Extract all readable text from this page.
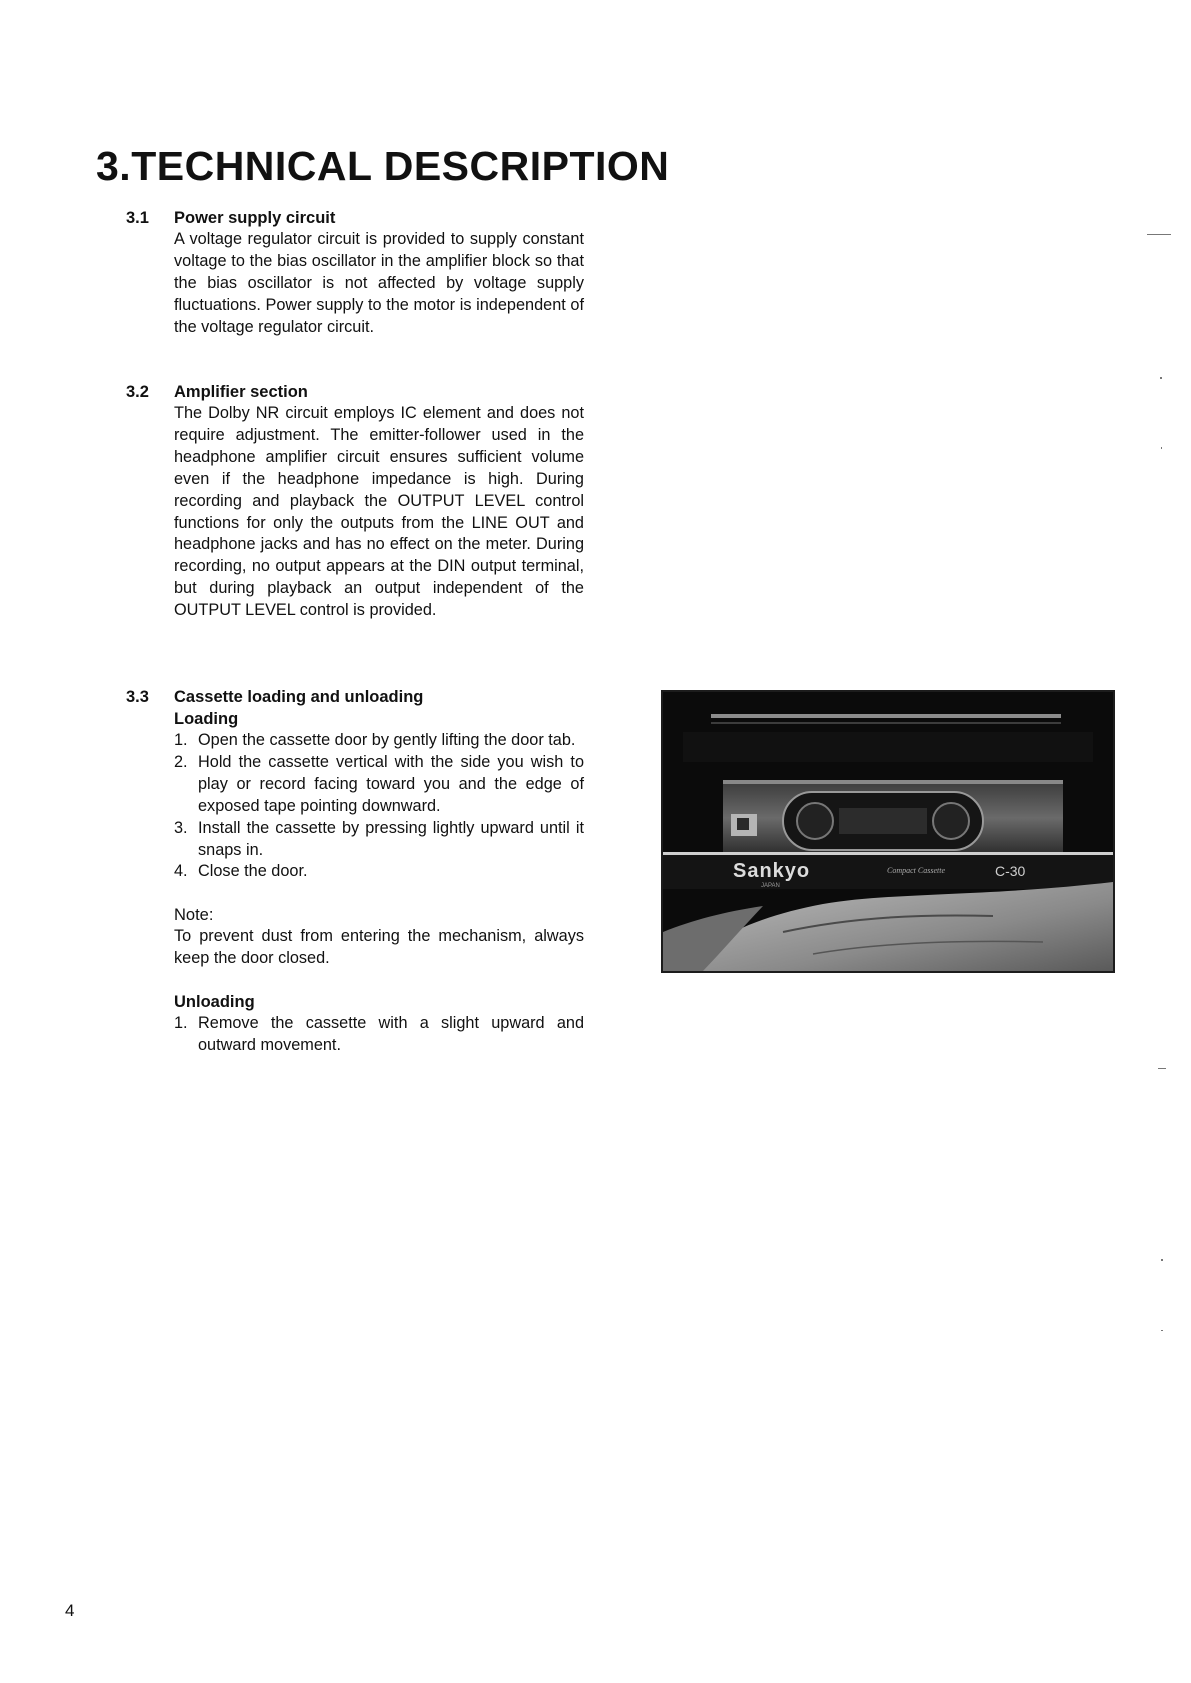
3.TECHNICAL DESCRIPTION
3.1 Power supply circuit

A voltage regulator circuit is provided to supply constant voltage to the bias oscillator in the amplifier block so that the bias oscillator is not affected by voltage supply fluctuations. Power supply to the motor is independent of the voltage regulator circuit.

3.2 Amplifier section

The Dolby NR circuit employs IC element and does not require adjustment. The emitter-follower used in the headphone amplifier circuit ensures sufficient volume even if the headphone impedance is high. During recording and playback the OUTPUT LEVEL control functions for only the outputs from the LINE OUT and headphone jacks and has no effect on the meter. During recording, no output appears at the DIN output terminal, but during playback an output independent of the OUTPUT LEVEL control is provided.

3.3 Cassette loading and unloading
Loading
1. Open the cassette door by gently lifting the door tab.
2. Hold the cassette vertical with the side you wish to play or record facing toward you and the edge of exposed tape pointing downward.
3. Install the cassette by pressing lightly upward until it snaps in.
4. Close the door.
Note:

To prevent dust from entering the mechanism, always keep the door closed.

Unloading
1. Remove the cassette with a slight upward and outward movement.
Sankyo
JAPAN
Compact Cassette	C-30
4
